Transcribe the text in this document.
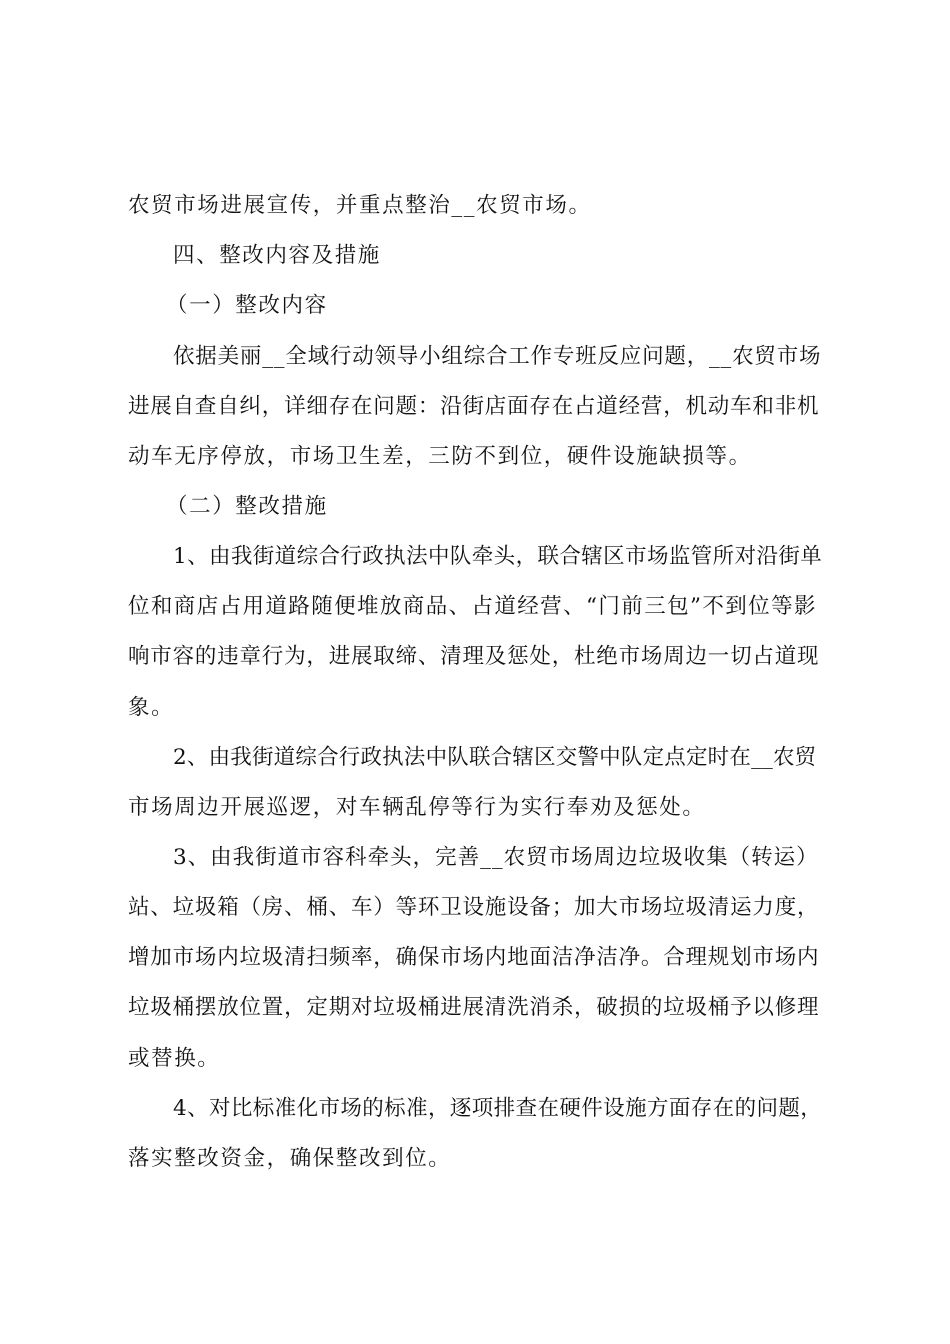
农贸市场进展宣传，并重点整治__农贸市场。
四、整改内容及措施
（一）整改内容
依据美丽__全域行动领导小组综合工作专班反应问题，__农贸市场
进展自查自纠，详细存在问题：沿街店面存在占道经营，机动车和非机
动车无序停放，市场卫生差，三防不到位，硬件设施缺损等。
（二）整改措施
1、由我街道综合行政执法中队牵头，联合辖区市场监管所对沿街单
位和商店占用道路随便堆放商品、占道经营、“门前三包”不到位等影
响市容的违章行为，进展取缔、清理及惩处，杜绝市场周边一切占道现
象。
2、由我街道综合行政执法中队联合辖区交警中队定点定时在__农贸
市场周边开展巡逻，对车辆乱停等行为实行奉劝及惩处。
3、由我街道市容科牵头，完善__农贸市场周边垃圾收集（转运）
站、垃圾箱（房、桶、车）等环卫设施设备；加大市场垃圾清运力度，
增加市场内垃圾清扫频率，确保市场内地面洁净洁净。合理规划市场内
垃圾桶摆放位置，定期对垃圾桶进展清洗消杀，破损的垃圾桶予以修理
或替换。
4、对比标准化市场的标准，逐项排查在硬件设施方面存在的问题，
落实整改资金，确保整改到位。
